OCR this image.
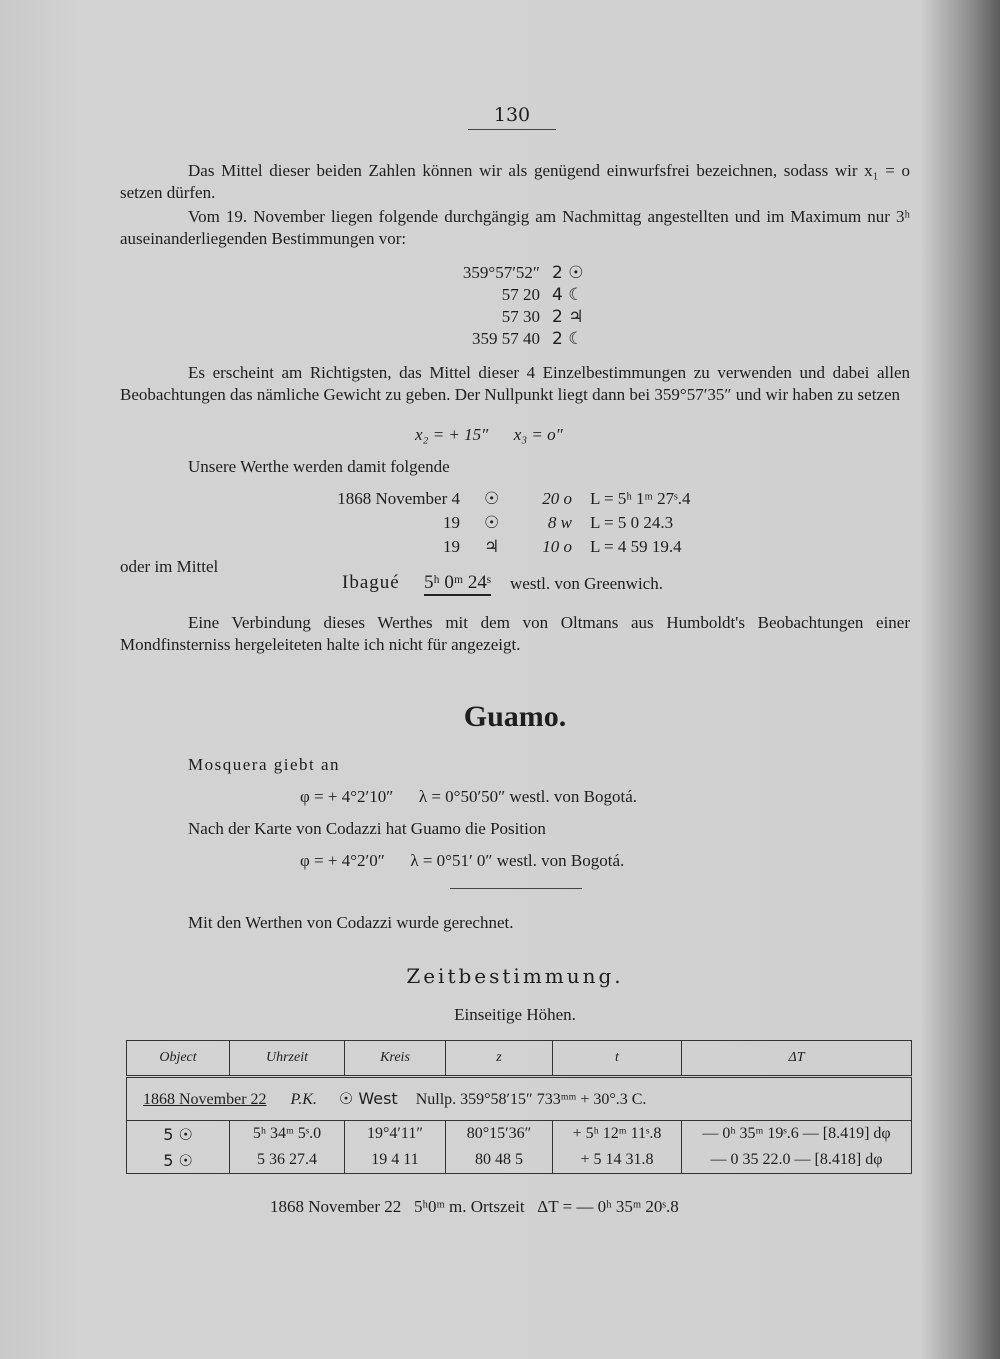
130
Das Mittel dieser beiden Zahlen können wir als genügend einwurfsfrei bezeichnen, sodass wir x₁ = o setzen dürfen.
Vom 19. November liegen folgende durchgängig am Nachmittag angestellten und im Maximum nur 3ʰ auseinanderliegenden Bestimmungen vor:
359°57′52″ 2 ☉
57 20 4 ☾
57 30 2 ♃
359 57 40 2 ☾
Es erscheint am Richtigsten, das Mittel dieser 4 Einzelbestimmungen zu verwenden und dabei allen Beobachtungen das nämliche Gewicht zu geben. Der Nullpunkt liegt dann bei 359°57′35″ und wir haben zu setzen
x₂ = + 15″      x₃ = o″
Unsere Werthe werden damit folgende
1868 November 4 ☉	20 o L = 5ʰ 1ᵐ 27ˢ.4
19 ☉	8 w L = 5 0 24.3
19 ♃	10 o L = 4 59 19.4
oder im Mittel
Ibagué 5ʰ 0ᵐ 24ˢ westl. von Greenwich.
Eine Verbindung dieses Werthes mit dem von Oltmans aus Humboldt's Beobachtungen einer Mondfinsterniss hergeleiteten halte ich nicht für angezeigt.
Guamo.
Mosquera giebt an
φ = + 4°2′10″      λ = 0°50′50″ westl. von Bogotá.
Nach der Karte von Codazzi hat Guamo die Position
φ = + 4°2′0″      λ = 0°51′ 0″ westl. von Bogotá.
Mit den Werthen von Codazzi wurde gerechnet.
Zeitbestimmung.
Einseitige Höhen.
Object	Uhrzeit	Kreis	z	t	ΔT
1868 November 22 P.K. ☉ West Nullp. 359°58′15″ 733ᵐᵐ + 30°.3 C.					
5 ☉	5ʰ 34ᵐ 5ˢ.0	19°4′11″	80°15′36″	+ 5ʰ 12ᵐ 11ˢ.8	— 0ʰ 35ᵐ 19ˢ.6 — [8.419] dφ
5 ☉	5 36 27.4	19 4 11	80 48 5	+ 5 14 31.8	— 0 35 22.0 — [8.418] dφ
1868 November 22   5ʰ0ᵐ m. Ortszeit   ΔT = — 0ʰ 35ᵐ 20ˢ.8
